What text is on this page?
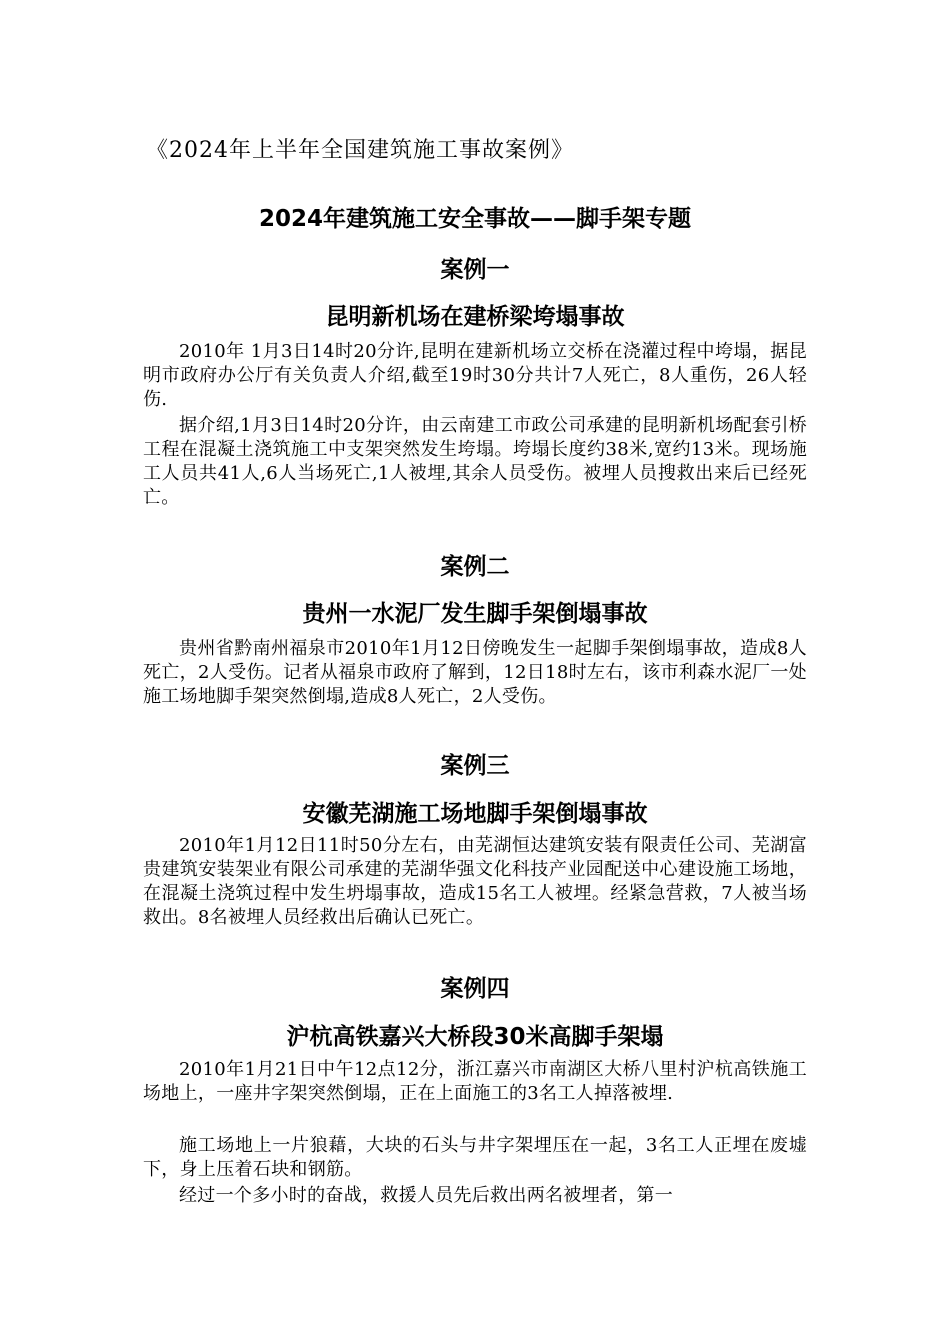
《2024年上半年全国建筑施工事故案例》
2024年建筑施工安全事故——脚手架专题
案例一
昆明新机场在建桥梁垮塌事故
2010年 1月3日14时20分许,昆明在建新机场立交桥在浇灌过程中垮塌，据昆明市政府办公厅有关负责人介绍,截至19时30分共计7人死亡，8人重伤，26人轻伤.
据介绍,1月3日14时20分许，由云南建工市政公司承建的昆明新机场配套引桥工程在混凝土浇筑施工中支架突然发生垮塌。垮塌长度约38米,宽约13米。现场施工人员共41人,6人当场死亡,1人被埋,其余人员受伤。被埋人员搜救出来后已经死亡。
案例二
贵州一水泥厂发生脚手架倒塌事故
贵州省黔南州福泉市2010年1月12日傍晚发生一起脚手架倒塌事故，造成8人死亡，2人受伤。记者从福泉市政府了解到，12日18时左右，该市利森水泥厂一处施工场地脚手架突然倒塌,造成8人死亡，2人受伤。
案例三
安徽芜湖施工场地脚手架倒塌事故
2010年1月12日11时50分左右，由芜湖恒达建筑安装有限责任公司、芜湖富贵建筑安装架业有限公司承建的芜湖华强文化科技产业园配送中心建设施工场地，在混凝土浇筑过程中发生坍塌事故，造成15名工人被埋。经紧急营救，7人被当场救出。8名被埋人员经救出后确认已死亡。
案例四
沪杭高铁嘉兴大桥段30米高脚手架塌
2010年1月21日中午12点12分，浙江嘉兴市南湖区大桥八里村沪杭高铁施工场地上，一座井字架突然倒塌，正在上面施工的3名工人掉落被埋.
施工场地上一片狼藉，大块的石头与井字架埋压在一起，3名工人正埋在废墟下，身上压着石块和钢筋。
经过一个多小时的奋战，救援人员先后救出两名被埋者，第一
